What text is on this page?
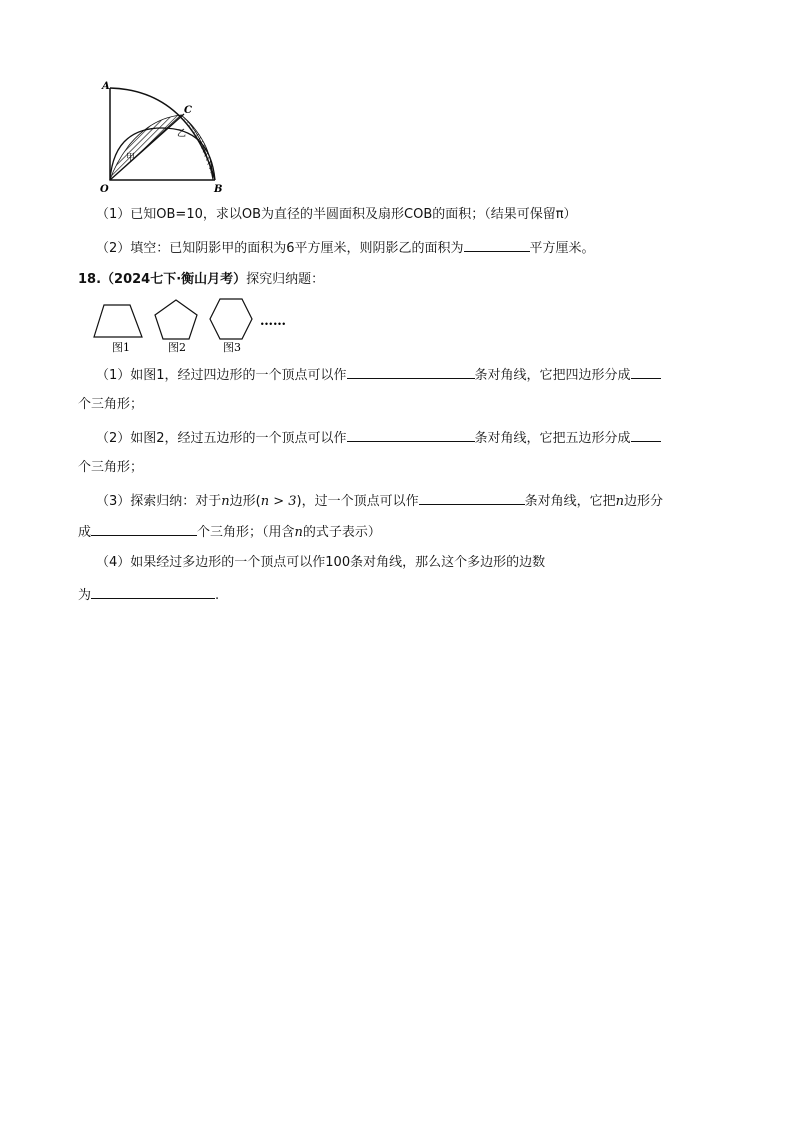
A
C
O	B
甲
乙
（1）已知OB=10，求以OB为直径的半圆面积及扇形COB的面积；（结果可保留π）
（2）填空：已知阴影甲的面积为6平方厘米，则阴影乙的面积为	平方厘米。
18.（2024七下·衡山月考）探究归纳题：
图1	图2	图3
……
（1）如图1，经过四边形的一个顶点可以作	条对角线，它把四边形分成
个三角形；
（2）如图2，经过五边形的一个顶点可以作	条对角线，它把五边形分成
个三角形；
（3）探索归纳：对于n边形(n > 3)，过一个顶点可以作	条对角线，它把n边形分
成	个三角形；（用含n的式子表示）
（4）如果经过多边形的一个顶点可以作100条对角线，那么这个多边形的边数
为	.
